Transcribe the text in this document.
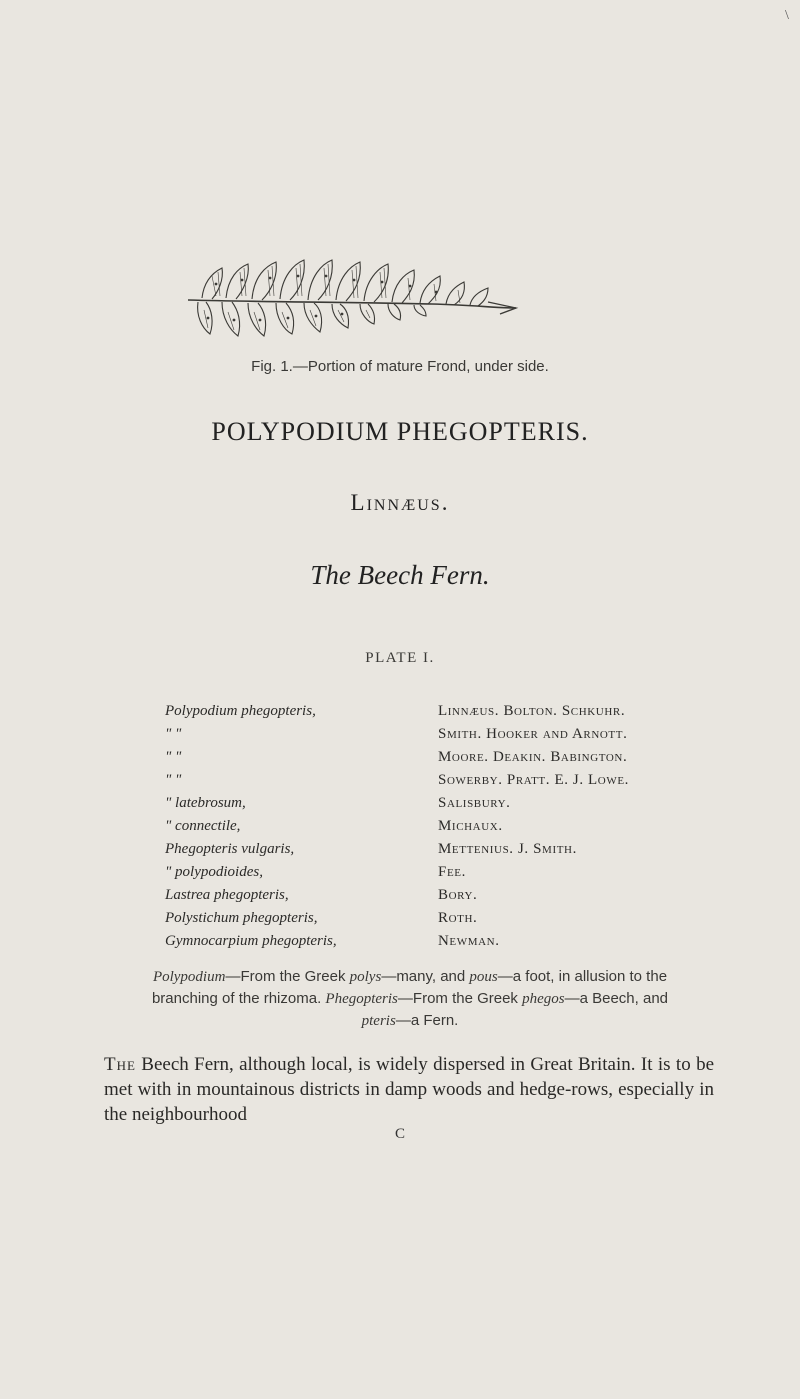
\
Fig. 1.—Portion of mature Frond, under side.
POLYPODIUM PHEGOPTERIS.
Linnæus.
The Beech Fern.
PLATE I.
Polypodium phegopteris,	Linnæus. Bolton. Schkuhr.
" "	Smith. Hooker and Arnott.
" "	Moore. Deakin. Babington.
" "	Sowerby. Pratt. E. J. Lowe.
" latebrosum,	Salisbury.
" connectile,	Michaux.
Phegopteris vulgaris,	Mettenius. J. Smith.
" polypodioides,	Fee.
Lastrea phegopteris,	Bory.
Polystichum phegopteris,	Roth.
Gymnocarpium phegopteris,	Newman.
Polypodium—From the Greek polys—many, and pous—a foot, in allusion to the branching of the rhizoma. Phegopteris—From the Greek phegos—a Beech, and pteris—a Fern.
The Beech Fern, although local, is widely dispersed in Great Britain. It is to be met with in mountainous districts in damp woods and hedge-rows, especially in the neighbourhood
C
